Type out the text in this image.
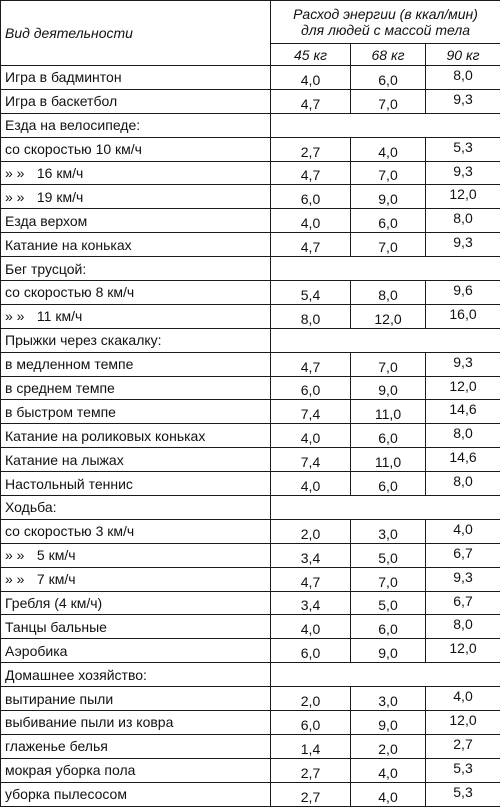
Вид деятельности	Расход энергии (в ккал/мин)
для людей с массой тела		

	45 кг	68 кг	90 кг
Игра в бадминтон	4,0	6,0	8,0
Игра в баскетбол	4,7	7,0	9,3
Езда на велосипеде:			
со скоростью 10 км/ч	2,7	4,0	5,3
» » 16 км/ч	4,7	7,0	9,3
» » 19 км/ч	6,0	9,0	12,0
Езда верхом	4,0	6,0	8,0
Катание на коньках	4,7	7,0	9,3
Бег трусцой:			
со скоростью 8 км/ч	5,4	8,0	9,6
» » 11 км/ч	8,0	12,0	16,0
Прыжки через скакалку:			
в медленном темпе	4,7	7,0	9,3
в среднем темпе	6,0	9,0	12,0
в быстром темпе	7,4	11,0	14,6
Катание на роликовых коньках	4,0	6,0	8,0
Катание на лыжах	7,4	11,0	14,6
Настольный теннис	4,0	6,0	8,0
Ходьба:			
со скоростью 3 км/ч	2,0	3,0	4,0
» » 5 км/ч	3,4	5,0	6,7
» » 7 км/ч	4,7	7,0	9,3
Гребля (4 км/ч)	3,4	5,0	6,7
Танцы бальные	4,0	6,0	8,0
Аэробика	6,0	9,0	12,0
Домашнее хозяйство:			
вытирание пыли	2,0	3,0	4,0
выбивание пыли из ковра	6,0	9,0	12,0
глаженье белья	1,4	2,0	2,7
мокрая уборка пола	2,7	4,0	5,3
уборка пылесосом	2,7	4,0	5,3
